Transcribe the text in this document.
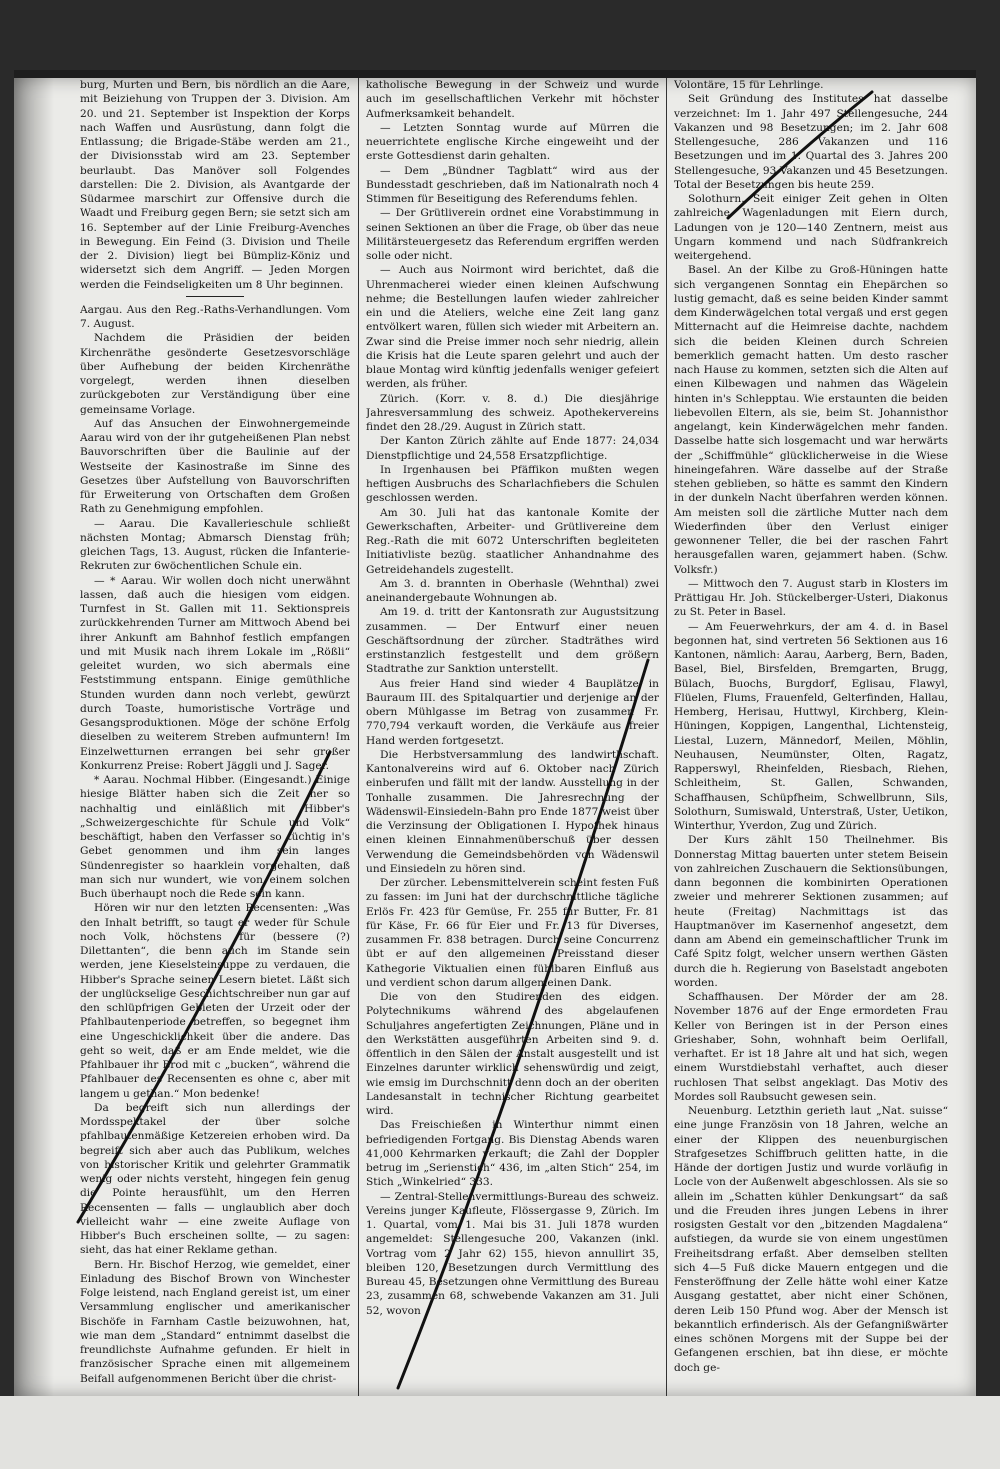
burg, Murten und Bern, bis nördlich an die Aare, mit Beiziehung von Truppen der 3. Division. Am 20. und 21. September ist Inspektion der Korps nach Waffen und Ausrüstung, dann folgt die Entlassung; die Brigade-Stäbe werden am 21., der Divisionsstab wird am 23. September beurlaubt. Das Manöver soll Folgendes darstellen: Die 2. Division, als Avantgarde der Südarmee marschirt zur Offensive durch die Waadt und Freiburg gegen Bern; sie setzt sich am 16. September auf der Linie Freiburg-Avenches in Bewegung. Ein Feind (3. Division und Theile der 2. Division) liegt bei Bümpliz-Köniz und widersetzt sich dem Angriff. — Jeden Morgen werden die Feindseligkeiten um 8 Uhr beginnen.

Aargau. Aus den Reg.-Raths-Verhandlungen. Vom 7. August.

Nachdem die Präsidien der beiden Kirchenräthe gesönderte Gesetzesvorschläge über Aufhebung der beiden Kirchenräthe vorgelegt, werden ihnen dieselben zurückgeboten zur Verständigung über eine gemeinsame Vorlage.

Auf das Ansuchen der Einwohnergemeinde Aarau wird von der ihr gutgeheißenen Plan nebst Bauvorschriften über die Baulinie auf der Westseite der Kasinostraße im Sinne des Gesetzes über Aufstellung von Bauvorschriften für Erweiterung von Ortschaften dem Großen Rath zu Genehmigung empfohlen.

— Aarau. Die Kavallerieschule schließt nächsten Montag; Abmarsch Dienstag früh; gleichen Tags, 13. August, rücken die Infanterie-Rekruten zur 6wöchentlichen Schule ein.

— * Aarau. Wir wollen doch nicht unerwähnt lassen, daß auch die hiesigen vom eidgen. Turnfest in St. Gallen mit 11. Sektionspreis zurückkehrenden Turner am Mittwoch Abend bei ihrer Ankunft am Bahnhof festlich empfangen und mit Musik nach ihrem Lokale im „Rößli“ geleitet wurden, wo sich abermals eine Feststimmung entspann. Einige gemüthliche Stunden wurden dann noch verlebt, gewürzt durch Toaste, humoristische Vorträge und Gesangsproduktionen. Möge der schöne Erfolg dieselben zu weiterem Streben aufmuntern! Im Einzelwetturnen errangen bei sehr großer Konkurrenz Preise: Robert Jäggli und J. Sager.

* Aarau. Nochmal Hibber. (Eingesandt.) Einige hiesige Blätter haben sich die Zeit her so nachhaltig und einläßlich mit Hibber's „Schweizergeschichte für Schule und Volk“ beschäftigt, haben den Verfasser so tüchtig in's Gebet genommen und ihm sein langes Sündenregister so haarklein vorgehalten, daß man sich nur wundert, wie von einem solchen Buch überhaupt noch die Rede sein kann.

Hören wir nur den letzten Recensenten: „Was den Inhalt betrifft, so taugt er weder für Schule noch Volk, höchstens für (bessere (?) Dilettanten“, die benn auch im Stande sein werden, jene Kieselsteinsuppe zu verdauen, die Hibber's Sprache seinen Lesern bietet. Läßt sich der unglückselige Geschichtschreiber nun gar auf den schlüpfrigen Gebieten der Urzeit oder der Pfahlbautenperiode betreffen, so begegnet ihm eine Ungeschicklichkeit über die andere. Das geht so weit, daß er am Ende meldet, wie die Pfahlbauer ihr Brod mit c „bucken“, während die Pfahlbauer des Recensenten es ohne c, aber mit langem u gethan.“ Mon bedenke!

Da begreift sich nun allerdings der Mordsspektakel der über solche pfahlbautenmäßige Ketzereien erhoben wird. Da begreift sich aber auch das Publikum, welches von historischer Kritik und gelehrter Grammatik wenig oder nichts versteht, hingegen fein genug die Pointe herausfühlt, um den Herren Recensenten — falls — unglaublich aber doch vielleicht wahr — eine zweite Auflage von Hibber's Buch erscheinen sollte, — zu sagen: sieht, das hat einer Reklame gethan.

Bern. Hr. Bischof Herzog, wie gemeldet, einer Einladung des Bischof Brown von Winchester Folge leistend, nach England gereist ist, um einer Versammlung englischer und amerikanischer Bischöfe in Farnham Castle beizuwohnen, hat, wie man dem „Standard“ entnimmt daselbst die freundlichste Aufnahme gefunden. Er hielt in französischer Sprache einen mit allgemeinem Beifall aufgenommenen Bericht über die christ-

katholische Bewegung in der Schweiz und wurde auch im gesellschaftlichen Verkehr mit höchster Aufmerksamkeit behandelt.

— Letzten Sonntag wurde auf Mürren die neuerrichtete englische Kirche eingeweiht und der erste Gottesdienst darin gehalten.

— Dem „Bündner Tagblatt“ wird aus der Bundesstadt geschrieben, daß im Nationalrath noch 4 Stimmen für Beseitigung des Referendums fehlen.

— Der Grütliverein ordnet eine Vorabstimmung in seinen Sektionen an über die Frage, ob über das neue Militärsteuergesetz das Referendum ergriffen werden solle oder nicht.

— Auch aus Noirmont wird berichtet, daß die Uhrenmacherei wieder einen kleinen Aufschwung nehme; die Bestellungen laufen wieder zahlreicher ein und die Ateliers, welche eine Zeit lang ganz entvölkert waren, füllen sich wieder mit Arbeitern an. Zwar sind die Preise immer noch sehr niedrig, allein die Krisis hat die Leute sparen gelehrt und auch der blaue Montag wird künftig jedenfalls weniger gefeiert werden, als früher.

Zürich. (Korr. v. 8. d.) Die diesjährige Jahresversammlung des schweiz. Apothekervereins findet den 28./29. August in Zürich statt.

Der Kanton Zürich zählte auf Ende 1877: 24,034 Dienstpflichtige und 24,558 Ersatzpflichtige.

In Irgenhausen bei Pfäffikon mußten wegen heftigen Ausbruchs des Scharlachfiebers die Schulen geschlossen werden.

Am 30. Juli hat das kantonale Komite der Gewerkschaften, Arbeiter- und Grütlivereine dem Reg.-Rath die mit 6072 Unterschriften begleiteten Initiativliste bezüg. staatlicher Anhandnahme des Getreidehandels zugestellt.

Am 3. d. brannten in Oberhasle (Wehnthal) zwei aneinandergebaute Wohnungen ab.

Am 19. d. tritt der Kantonsrath zur Augustsitzung zusammen. — Der Entwurf einer neuen Geschäftsordnung der zürcher. Stadträthes wird erstinstanzlich festgestellt und dem größern Stadtrathe zur Sanktion unterstellt.

Aus freier Hand sind wieder 4 Bauplätze in Bauraum III. des Spitalquartier und derjenige an der obern Mühlgasse im Betrag von zusammen Fr. 770,794 verkauft worden, die Verkäufe aus freier Hand werden fortgesetzt.

Die Herbstversammlung des landwirthschaft. Kantonalvereins wird auf 6. Oktober nach Zürich einberufen und fällt mit der landw. Ausstellung in der Tonhalle zusammen. Die Jahresrechnung der Wädenswil-Einsiedeln-Bahn pro Ende 1877 weist über die Verzinsung der Obligationen I. Hypothek hinaus einen kleinen Einnahmenüberschuß über dessen Verwendung die Gemeindsbehörden von Wädenswil und Einsiedeln zu hören sind.

Der zürcher. Lebensmittelverein scheint festen Fuß zu fassen: im Juni hat der durchschnittliche tägliche Erlös Fr. 423 für Gemüse, Fr. 255 für Butter, Fr. 81 für Käse, Fr. 66 für Eier und Fr. 13 für Diverses, zusammen Fr. 838 betragen. Durch seine Concurrenz übt er auf den allgemeinen Preisstand dieser Kathegorie Viktualien einen fühlbaren Einfluß aus und verdient schon darum allgemeinen Dank.

Die von den Studirenden des eidgen. Polytechnikums während des abgelaufenen Schuljahres angefertigten Zeichnungen, Pläne und in den Werkstätten ausgeführten Arbeiten sind 9. d. öffentlich in den Sälen der Anstalt ausgestellt und ist Einzelnes darunter wirklich sehenswürdig und zeigt, wie emsig im Durchschnitt denn doch an der oberiten Landesanstalt in technischer Richtung gearbeitet wird.

Das Freischießen in Winterthur nimmt einen befriedigenden Fortgang. Bis Dienstag Abends waren 41,000 Kehrmarken verkauft; die Zahl der Doppler betrug im „Serienstich“ 436, im „alten Stich“ 254, im Stich „Winkelried“ 333.

— Zentral-Stellenvermittlungs-Bureau des schweiz. Vereins junger Kaufleute, Flössergasse 9, Zürich. Im 1. Quartal, vom 1. Mai bis 31. Juli 1878 wurden angemeldet: Stellengesuche 200, Vakanzen (inkl. Vortrag vom 2 Jahr 62) 155, hievon annullirt 35, bleiben 120, Besetzungen durch Vermittlung des Bureau 45, Besetzungen ohne Vermittlung des Bureau 23, zusammen 68, schwebende Vakanzen am 31. Juli 52, wovon

Volontäre, 15 für Lehrlinge.

Seit Gründung des Institutes hat dasselbe verzeichnet: Im 1. Jahr 497 Stellengesuche, 244 Vakanzen und 98 Besetzungen; im 2. Jahr 608 Stellengesuche, 286 Vakanzen und 116 Besetzungen und im 1. Quartal des 3. Jahres 200 Stellengesuche, 93 Vakanzen und 45 Besetzungen. Total der Besetzungen bis heute 259.

Solothurn. Seit einiger Zeit gehen in Olten zahlreiche Wagenladungen mit Eiern durch, Ladungen von je 120—140 Zentnern, meist aus Ungarn kommend und nach Südfrankreich weitergehend.

Basel. An der Kilbe zu Groß-Hüningen hatte sich vergangenen Sonntag ein Ehepärchen so lustig gemacht, daß es seine beiden Kinder sammt dem Kinderwägelchen total vergaß und erst gegen Mitternacht auf die Heimreise dachte, nachdem sich die beiden Kleinen durch Schreien bemerklich gemacht hatten. Um desto rascher nach Hause zu kommen, setzten sich die Alten auf einen Kilbewagen und nahmen das Wägelein hinten in's Schlepptau. Wie erstaunten die beiden liebevollen Eltern, als sie, beim St. Johannisthor angelangt, kein Kinderwägelchen mehr fanden. Dasselbe hatte sich losgemacht und war herwärts der „Schiffmühle“ glücklicherweise in die Wiese hineingefahren. Wäre dasselbe auf der Straße stehen geblieben, so hätte es sammt den Kindern in der dunkeln Nacht überfahren werden können. Am meisten soll die zärtliche Mutter nach dem Wiederfinden über den Verlust einiger gewonnener Teller, die bei der raschen Fahrt herausgefallen waren, gejammert haben. (Schw. Volksfr.)

— Mittwoch den 7. August starb in Klosters im Prättigau Hr. Joh. Stückelberger-Usteri, Diakonus zu St. Peter in Basel.

— Am Feuerwehrkurs, der am 4. d. in Basel begonnen hat, sind vertreten 56 Sektionen aus 16 Kantonen, nämlich: Aarau, Aarberg, Bern, Baden, Basel, Biel, Birsfelden, Bremgarten, Brugg, Bülach, Buochs, Burgdorf, Eglisau, Flawyl, Flüelen, Flums, Frauenfeld, Gelterfinden, Hallau, Hemberg, Herisau, Huttwyl, Kirchberg, Klein-Hüningen, Koppigen, Langenthal, Lichtensteig, Liestal, Luzern, Männedorf, Meilen, Möhlin, Neuhausen, Neumünster, Olten, Ragatz, Rapperswyl, Rheinfelden, Riesbach, Riehen, Schleitheim, St. Gallen, Schwanden, Schaffhausen, Schüpfheim, Schwellbrunn, Sils, Solothurn, Sumiswald, Unterstraß, Uster, Uetikon, Winterthur, Yverdon, Zug und Zürich.

Der Kurs zählt 150 Theilnehmer. Bis Donnerstag Mittag bauerten unter stetem Beisein von zahlreichen Zuschauern die Sektionsübungen, dann begonnen die kombinirten Operationen zweier und mehrerer Sektionen zusammen; auf heute (Freitag) Nachmittags ist das Hauptmanöver im Kasernenhof angesetzt, dem dann am Abend ein gemeinschaftlicher Trunk im Café Spitz folgt, welcher unsern werthen Gästen durch die h. Regierung von Baselstadt angeboten worden.

Schaffhausen. Der Mörder der am 28. November 1876 auf der Enge ermordeten Frau Keller von Beringen ist in der Person eines Grieshaber, Sohn, wohnhaft beim Oerlifall, verhaftet. Er ist 18 Jahre alt und hat sich, wegen einem Wurstdiebstahl verhaftet, auch dieser ruchlosen That selbst angeklagt. Das Motiv des Mordes soll Raubsucht gewesen sein.

Neuenburg. Letzthin gerieth laut „Nat. suisse“ eine junge Französin von 18 Jahren, welche an einer der Klippen des neuenburgischen Strafgesetzes Schiffbruch gelitten hatte, in die Hände der dortigen Justiz und wurde vorläufig in Locle von der Außenwelt abgeschlossen. Als sie so allein im „Schatten kühler Denkungsart“ da saß und die Freuden ihres jungen Lebens in ihrer rosigsten Gestalt vor den „bitzenden Magdalena“ aufstiegen, da wurde sie von einem ungestümen Freiheitsdrang erfaßt. Aber demselben stellten sich 4—5 Fuß dicke Mauern entgegen und die Fensteröffnung der Zelle hätte wohl einer Katze Ausgang gestattet, aber nicht einer Schönen, deren Leib 150 Pfund wog. Aber der Mensch ist bekanntlich erfinderisch. Als der Gefangnißwärter eines schönen Morgens mit der Suppe bei der Gefangenen erschien, bat ihn diese, er möchte doch ge-
